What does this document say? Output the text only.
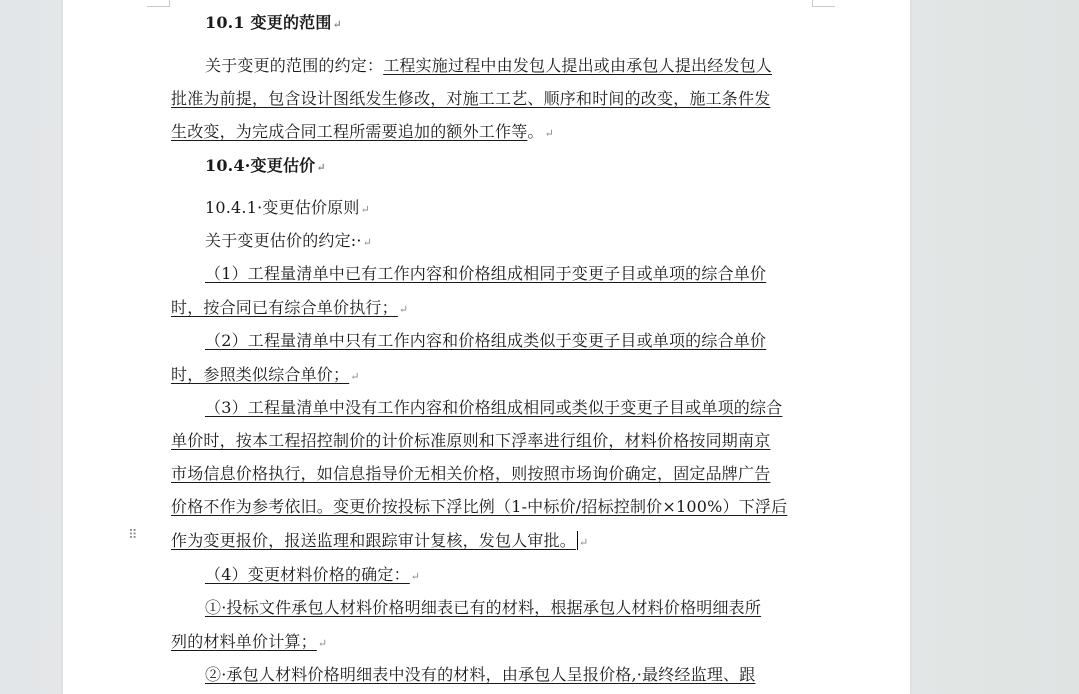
10.1 变更的范围↵
关于变更的范围的约定：工程实施过程中由发包人提出或由承包人提出经发包人
批准为前提，包含设计图纸发生修改，对施工工艺、顺序和时间的改变，施工条件发
生改变，为完成合同工程所需要追加的额外工作等。↵
10.4·变更估价↵
10.4.1·变更估价原则↵
关于变更估价的约定:·↵
（1）工程量清单中已有工作内容和价格组成相同于变更子目或单项的综合单价
时，按合同已有综合单价执行；↵
（2）工程量清单中只有工作内容和价格组成类似于变更子目或单项的综合单价
时，参照类似综合单价；↵
（3）工程量清单中没有工作内容和价格组成相同或类似于变更子目或单项的综合
单价时，按本工程招控制价的计价标准原则和下浮率进行组价，材料价格按同期南京
市场信息价格执行，如信息指导价无相关价格，则按照市场询价确定，固定品牌广告
价格不作为参考依旧。变更价按投标下浮比例（1-中标价/招标控制价×100%）下浮后
作为变更报价，报送监理和跟踪审计复核，发包人审批。 ↵
⠿
（4）变更材料价格的确定：↵
①·投标文件承包人材料价格明细表已有的材料，根据承包人材料价格明细表所
列的材料单价计算；↵
②·承包人材料价格明细表中没有的材料，由承包人呈报价格,·最终经监理、跟
